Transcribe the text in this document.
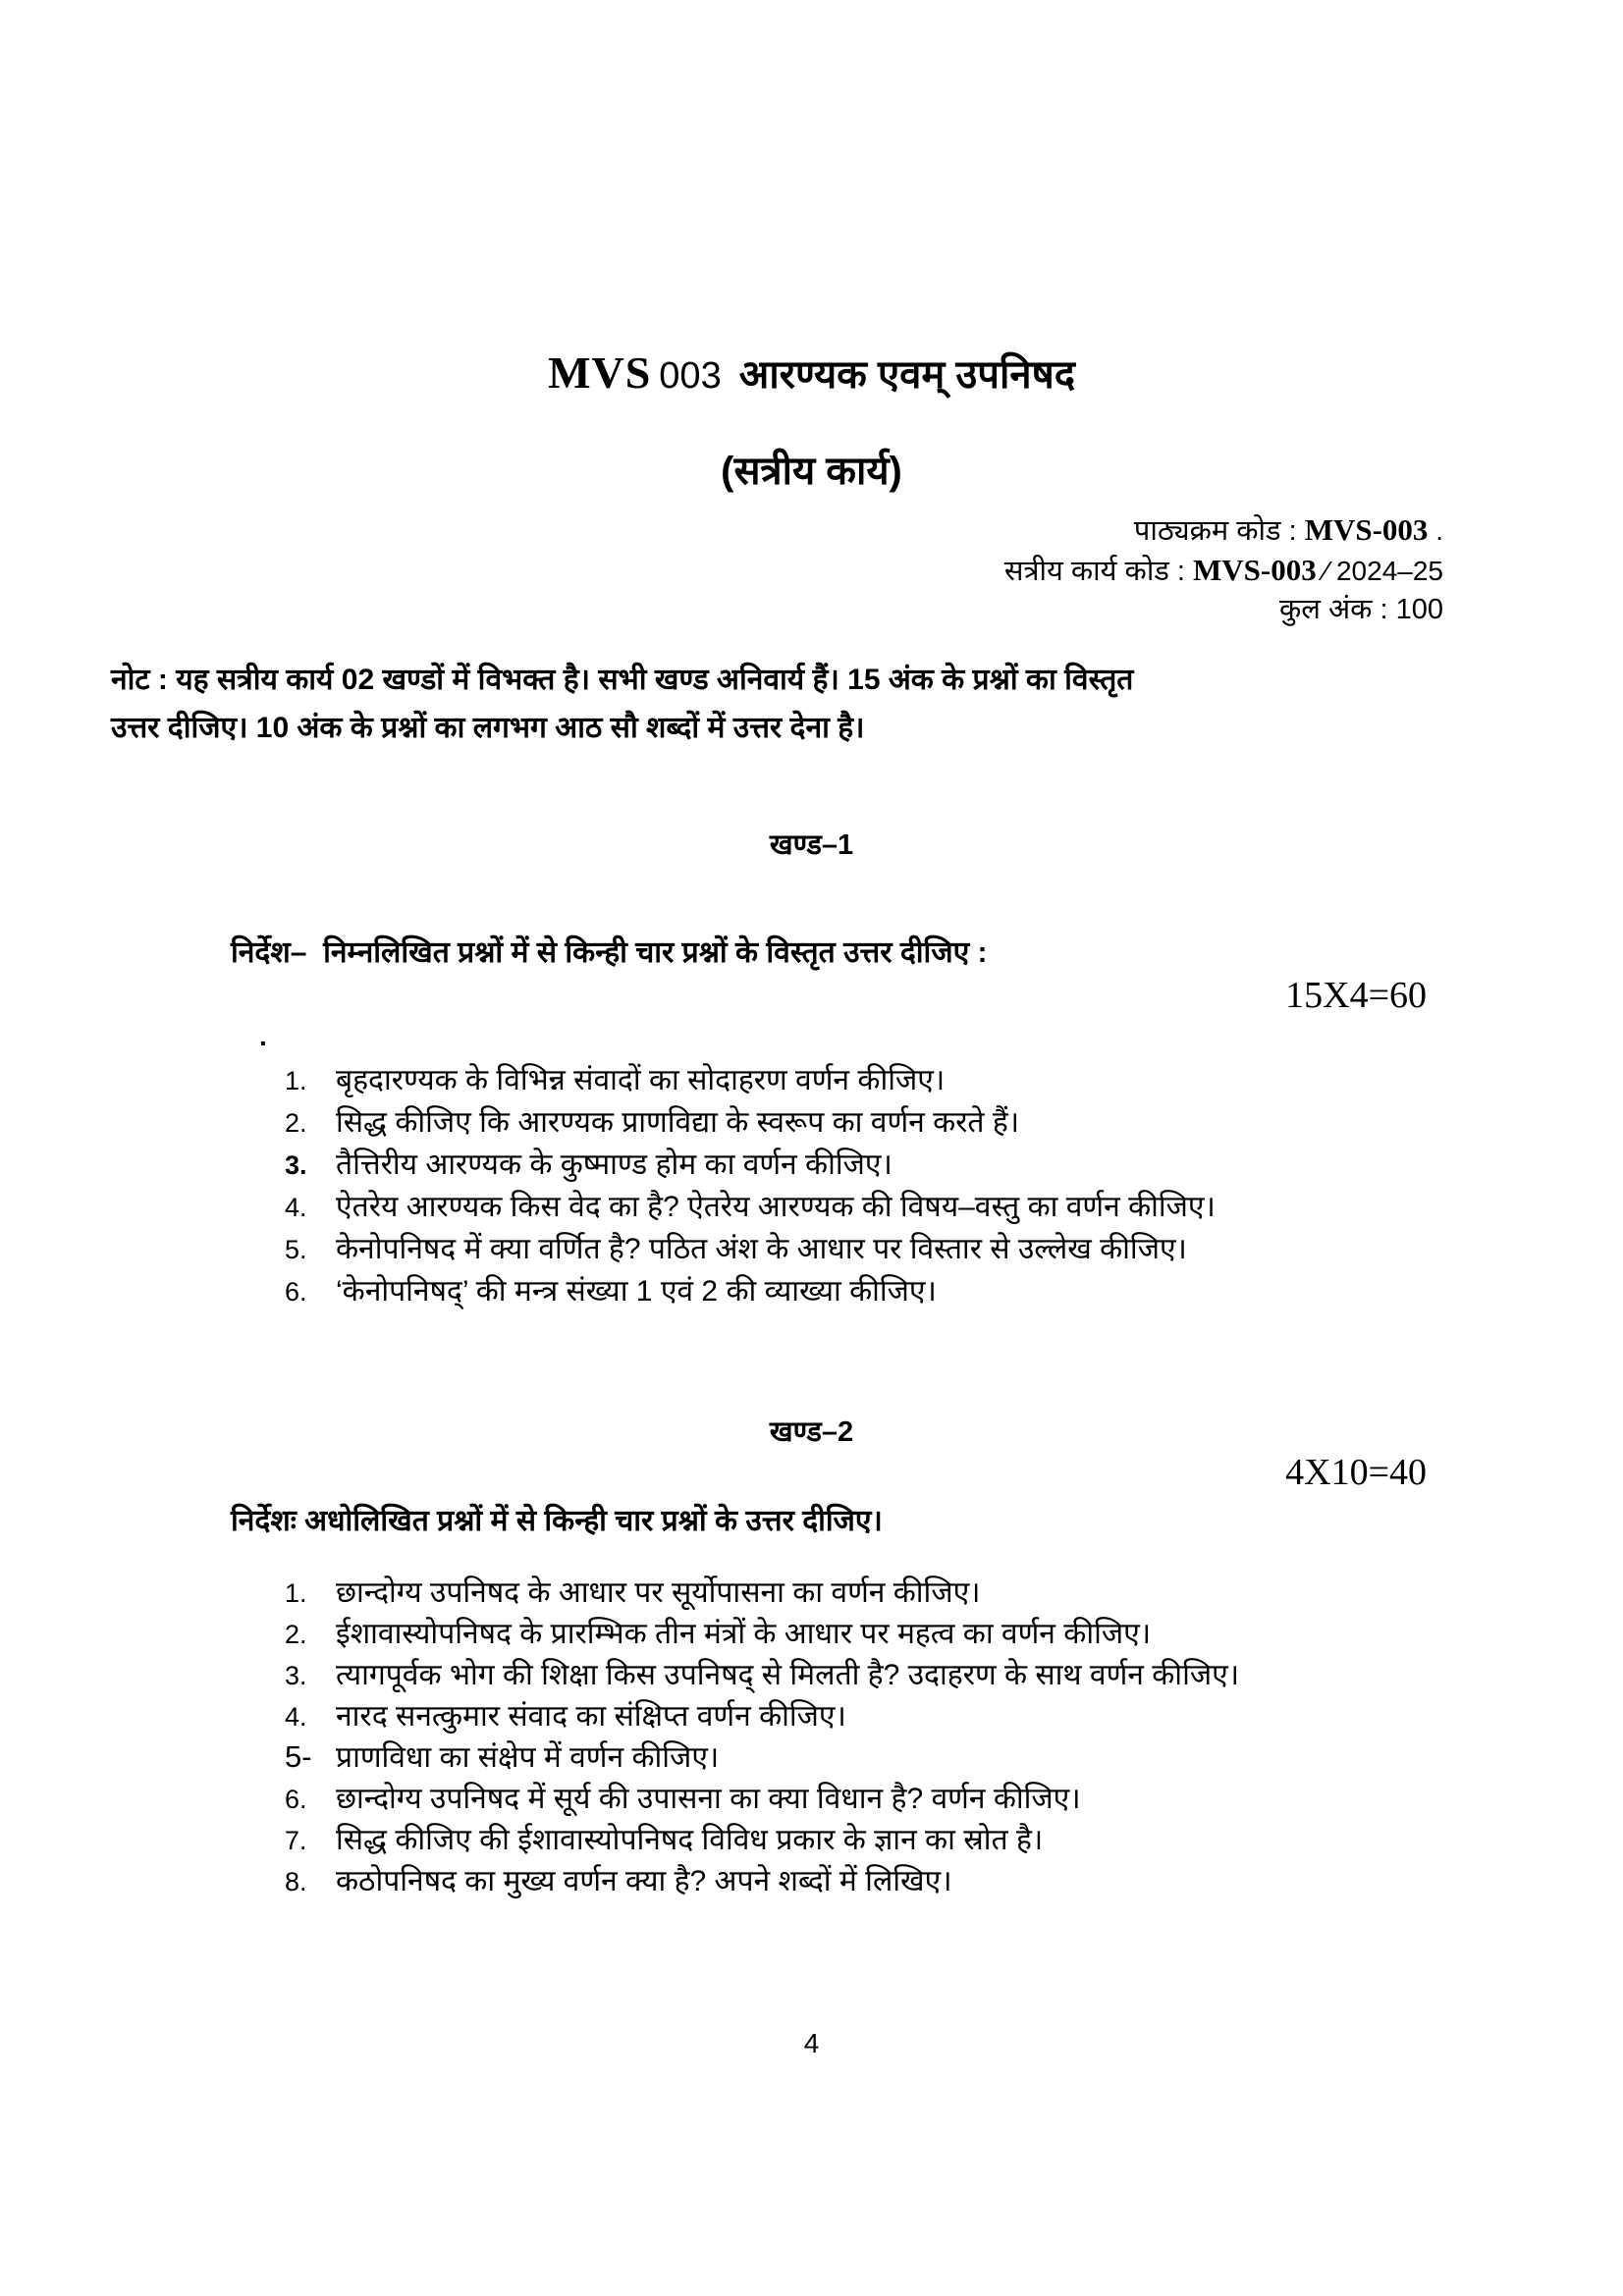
MVS 003 आरण्यक एवम् उपनिषद
(सत्रीय कार्य)
पाठ्यक्रम कोड : MVS-003 .
सत्रीय कार्य कोड : MVS-003 ⁄ 2024–25
कुल अंक : 100
नोट : यह सत्रीय कार्य 02 खण्डों में विभक्त है। सभी खण्ड अनिवार्य हैं। 15 अंक के प्रश्नों का विस्तृत
उत्तर दीजिए। 10 अंक के प्रश्नों का लगभग आठ सौ शब्दों में उत्तर देना है।
खण्ड–1
निर्देश–  निम्नलिखित प्रश्नों में से किन्ही चार प्रश्नों के विस्तृत उत्तर दीजिए :
15X4=60
.
1. बृहदारण्यक के विभिन्न संवादों का सोदाहरण वर्णन कीजिए।
2. सिद्ध कीजिए कि आरण्यक प्राणविद्या के स्वरूप का वर्णन करते हैं।
3. तैत्तिरीय आरण्यक के कुष्माण्ड होम का वर्णन कीजिए।
4. ऐतरेय आरण्यक किस वेद का है? ऐतरेय आरण्यक की विषय–वस्तु का वर्णन कीजिए।
5. केनोपनिषद में क्या वर्णित है? पठित अंश के आधार पर विस्तार से उल्लेख कीजिए।
6. ‘केनोपनिषद्’ की मन्त्र संख्या 1 एवं 2 की व्याख्या कीजिए।
खण्ड–2
4X10=40
निर्देशः अधोलिखित प्रश्नों में से किन्ही चार प्रश्नों के उत्तर दीजिए।
1. छान्दोग्य उपनिषद के आधार पर सूर्योपासना का वर्णन कीजिए।
2. ईशावास्योपनिषद के प्रारम्भिक तीन मंत्रों के आधार पर महत्व का वर्णन कीजिए।
3. त्यागपूर्वक भोग की शिक्षा किस उपनिषद् से मिलती है? उदाहरण के साथ वर्णन कीजिए।
4. नारद सनत्कुमार संवाद का संक्षिप्त वर्णन कीजिए।
5- प्राणविधा का संक्षेप में वर्णन कीजिए।
6. छान्दोग्य उपनिषद में सूर्य की उपासना का क्या विधान है? वर्णन कीजिए।
7. सिद्ध कीजिए की ईशावास्योपनिषद विविध प्रकार के ज्ञान का स्रोत है।
8. कठोपनिषद का मुख्य वर्णन क्या है? अपने शब्दों में लिखिए।
4
